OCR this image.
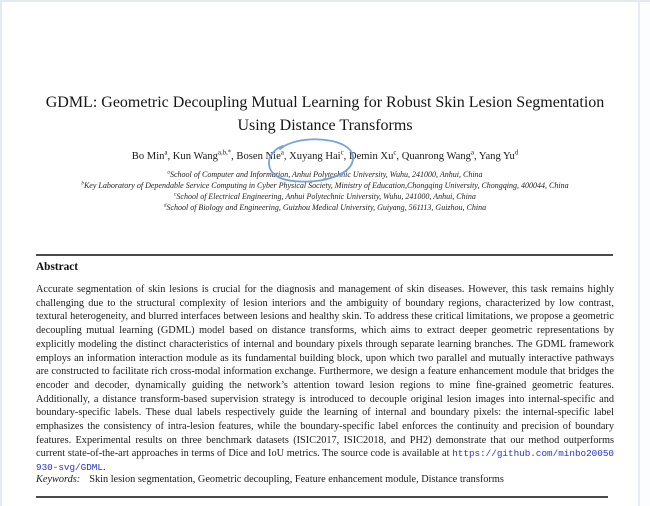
GDML: Geometric Decoupling Mutual Learning for Robust Skin Lesion Segmentation
Using Distance Transforms
Bo Min$^a$, Kun Wang$^{a,b,*}$, Bosen Nie$^a$, Xuyang Hai$^c$, Demin Xu$^c$, Quanrong Wang$^a$, Yang Yu$^d$
$^a$School of Computer and Information, Anhui Polytechnic University, Wuhu, 241000, Anhui, China
$^b$Key Laboratory of Dependable Service Computing in Cyber Physical Society, Ministry of Education,Chongqing University, Chongqing, 400044, China
$^c$School of Electrical Engineering, Anhui Polytechnic University, Wuhu, 241000, Anhui, China
$^d$School of Biology and Engineering, Guizhou Medical University, Guiyang, 561113, Guizhou, China
Abstract

Accurate segmentation of skin lesions is crucial for the diagnosis and management of skin diseases. However, this task remains highly challenging due to the structural complexity of lesion interiors and the ambiguity of boundary regions, characterized by low contrast, textural heterogeneity, and blurred interfaces between lesions and healthy skin. To address these critical limitations, we propose a geometric decoupling mutual learning (GDML) model based on distance transforms, which aims to extract deeper geometric representations by explicitly modeling the distinct characteristics of internal and boundary pixels through separate learning branches. The GDML framework employs an information interaction module as its fundamental building block, upon which two parallel and mutually interactive pathways are constructed to facilitate rich cross-modal information exchange. Furthermore, we design a feature enhancement module that bridges the encoder and decoder, dynamically guiding the network’s attention toward lesion regions to mine fine-grained geometric features. Additionally, a distance transform-based supervision strategy is introduced to decouple original lesion images into internal-specific and boundary-specific labels. These dual labels respectively guide the learning of internal and boundary pixels: the internal-specific label emphasizes the consistency of intra-lesion features, while the boundary-specific label enforces the continuity and precision of boundary features. Experimental results on three benchmark datasets (ISIC2017, ISIC2018, and PH2) demonstrate that our method outperforms current state-of-the-art approaches in terms of Dice and IoU metrics. The source code is available at https://github.com/minbo20050930-svg/GDML.

Keywords: Skin lesion segmentation, Geometric decoupling, Feature enhancement module, Distance transforms
